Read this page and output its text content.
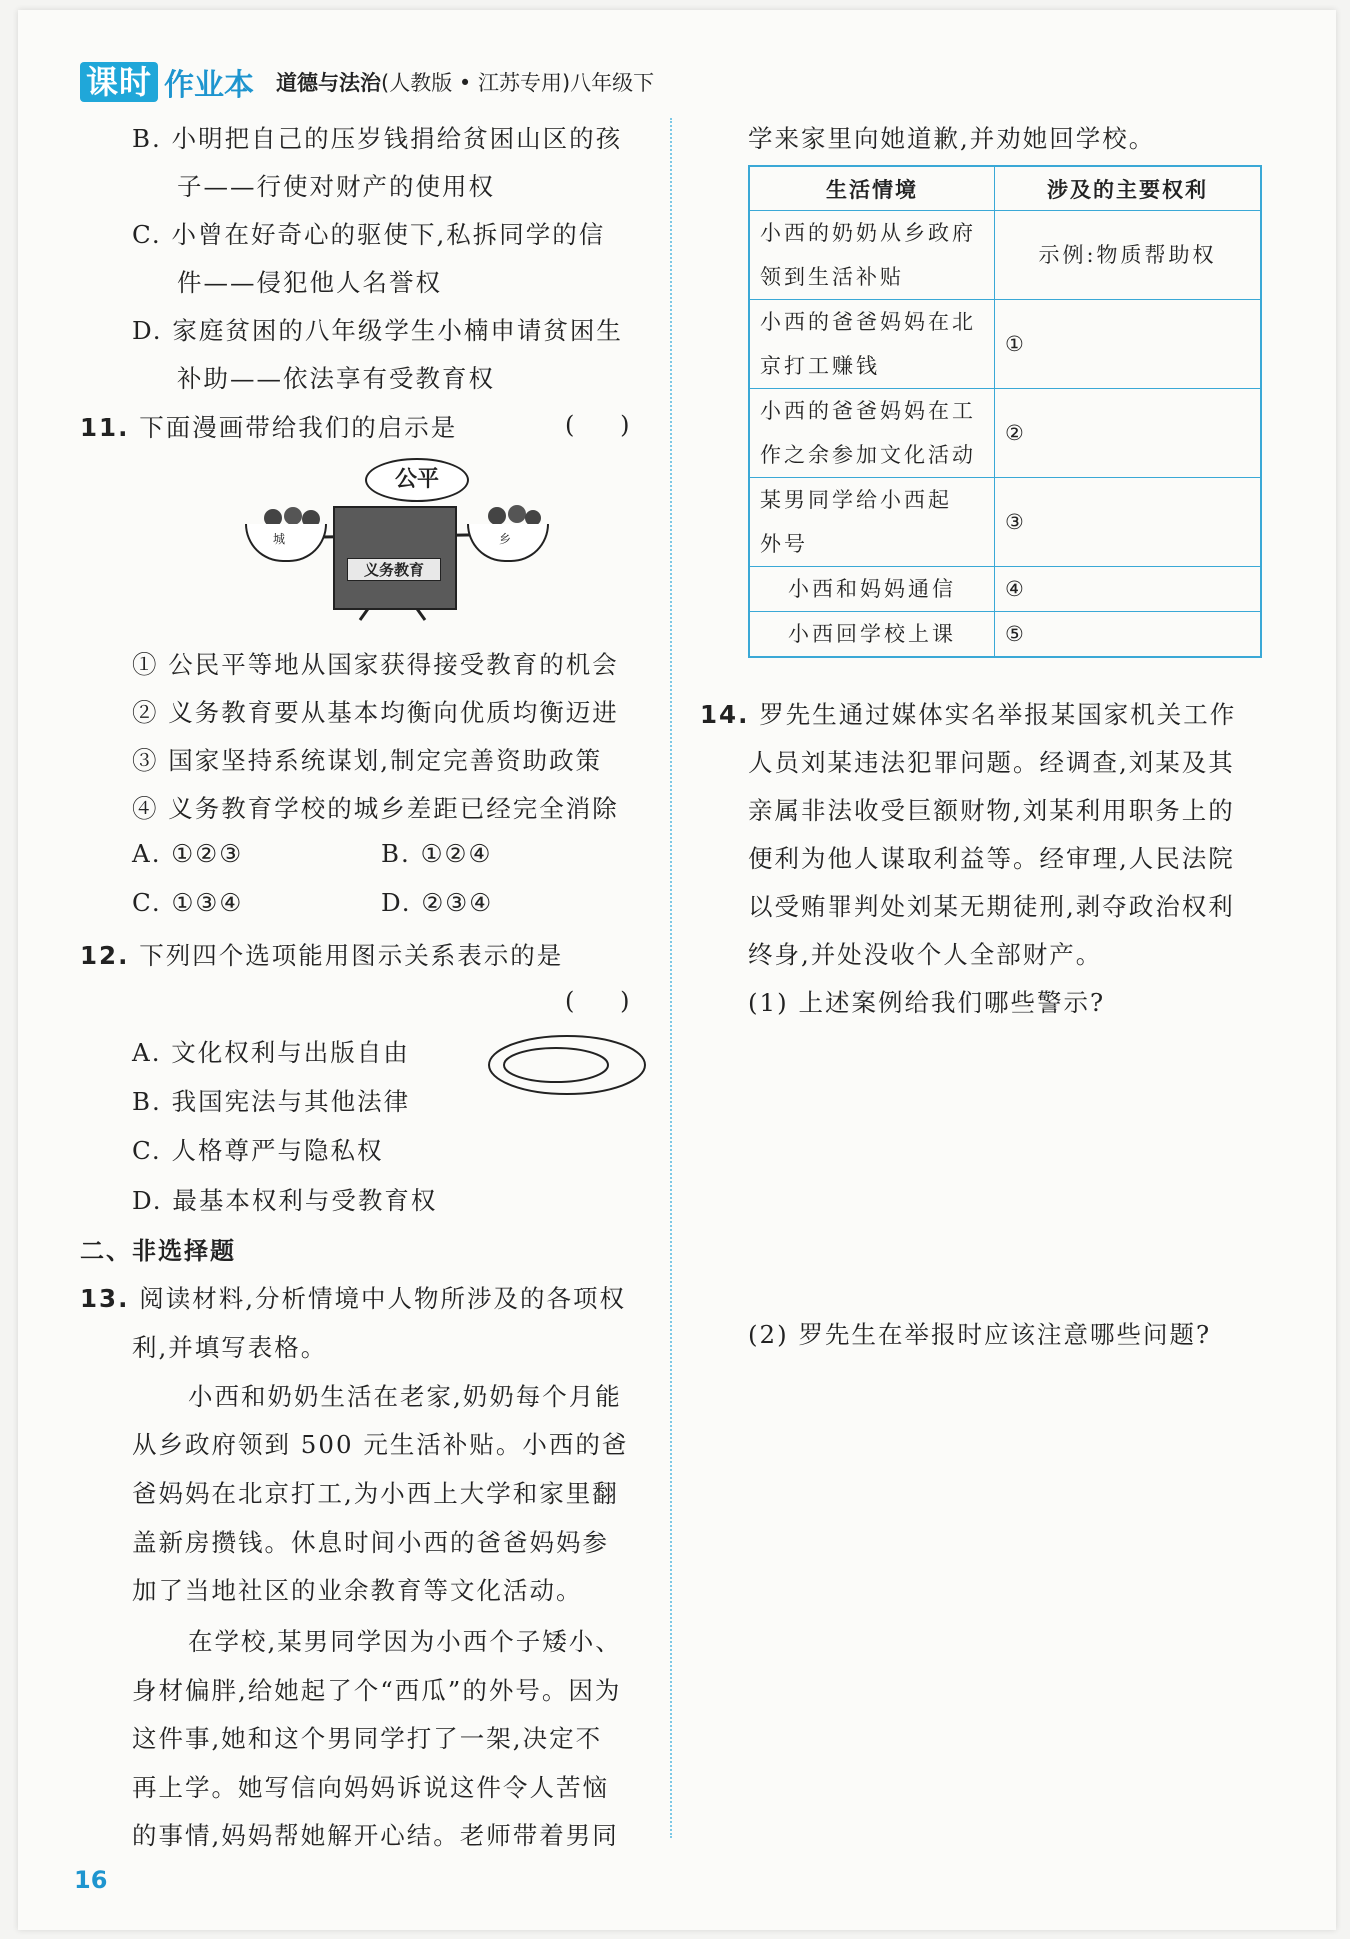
课时 作业本 道德与法治(人教版 • 江苏专用)八年级下
B. 小明把自己的压岁钱捐给贫困山区的孩
子——行使对财产的使用权
C. 小曾在好奇心的驱使下,私拆同学的信
件——侵犯他人名誉权
D. 家庭贫困的八年级学生小楠申请贫困生
补助——依法享有受教育权
11. 下面漫画带给我们的启示是	(      )
公平
城	乡
义务教育
① 公民平等地从国家获得接受教育的机会
② 义务教育要从基本均衡向优质均衡迈进
③ 国家坚持系统谋划,制定完善资助政策
④ 义务教育学校的城乡差距已经完全消除
A. ①②③	B. ①②④
C. ①③④	D. ②③④
12. 下列四个选项能用图示关系表示的是
(      )
A. 文化权利与出版自由
B. 我国宪法与其他法律
C. 人格尊严与隐私权
D. 最基本权利与受教育权
二、非选择题
13. 阅读材料,分析情境中人物所涉及的各项权
利,并填写表格。
小西和奶奶生活在老家,奶奶每个月能
从乡政府领到 500 元生活补贴。小西的爸
爸妈妈在北京打工,为小西上大学和家里翻
盖新房攒钱。休息时间小西的爸爸妈妈参
加了当地社区的业余教育等文化活动。
在学校,某男同学因为小西个子矮小、
身材偏胖,给她起了个“西瓜”的外号。因为
这件事,她和这个男同学打了一架,决定不
再上学。她写信向妈妈诉说这件令人苦恼
的事情,妈妈帮她解开心结。老师带着男同
学来家里向她道歉,并劝她回学校。
生活情境	涉及的主要权利

小西的奶奶从乡政府
领到生活补贴	示例:物质帮助权

小西的爸爸妈妈在北
京打工赚钱	①

小西的爸爸妈妈在工
作之余参加文化活动	②

某男同学给小西起
外号	③
小西和妈妈通信	④
小西回学校上课	⑤
14. 罗先生通过媒体实名举报某国家机关工作
人员刘某违法犯罪问题。经调查,刘某及其
亲属非法收受巨额财物,刘某利用职务上的
便利为他人谋取利益等。经审理,人民法院
以受贿罪判处刘某无期徒刑,剥夺政治权利
终身,并处没收个人全部财产。
(1) 上述案例给我们哪些警示?
(2) 罗先生在举报时应该注意哪些问题?
16
